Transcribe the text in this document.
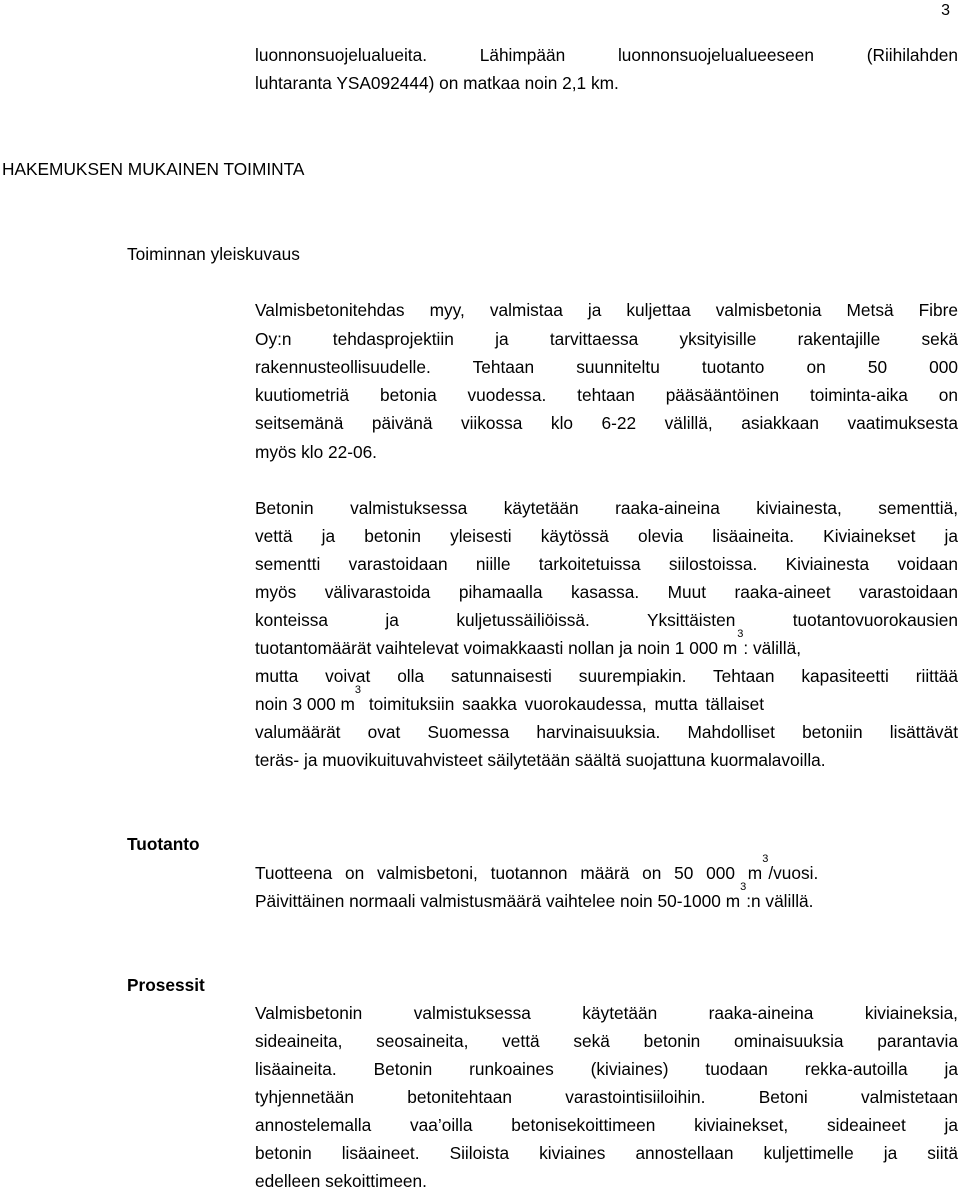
3
luonnonsuojelualueita. Lähimpään luonnonsuojelualueeseen (Riihilahden
luhtaranta YSA092444) on matkaa noin 2,1 km.
HAKEMUKSEN MUKAINEN TOIMINTA
Toiminnan yleiskuvaus
Valmisbetonitehdas myy, valmistaa ja kuljettaa valmisbetonia Metsä Fibre
Oy:n tehdasprojektiin ja tarvittaessa yksityisille rakentajille sekä
rakennusteollisuudelle. Tehtaan suunniteltu tuotanto on 50 000
kuutiometriä betonia vuodessa. tehtaan pääsääntöinen toiminta-aika on
seitsemänä päivänä viikossa klo 6-22 välillä, asiakkaan vaatimuksesta
myös klo 22-06.
Betonin valmistuksessa käytetään raaka-aineina kiviainesta, sementtiä,
vettä ja betonin yleisesti käytössä olevia lisäaineita. Kiviainekset ja
sementti varastoidaan niille tarkoitetuissa siilostoissa. Kiviainesta voidaan
myös välivarastoida pihamaalla kasassa. Muut raaka-aineet varastoidaan
konteissa ja kuljetussäiliöissä. Yksittäisten tuotantovuorokausien
tuotantomäärät vaihtelevat voimakkaasti nollan ja noin 1 000 $m^3$: välillä,
mutta voivat olla satunnaisesti suurempiakin. Tehtaan kapasiteetti riittää
noin 3 000 $m^3$ toimituksiin saakka vuorokaudessa, mutta tällaiset
valumäärät ovat Suomessa harvinaisuuksia. Mahdolliset betoniin lisättävät
teräs- ja muovikuituvahvisteet säilytetään säältä suojattuna kuormalavoilla.
Tuotanto
Tuotteena on valmisbetoni, tuotannon määrä on 50 000 $m^3$/vuosi.
Päivittäinen normaali valmistusmäärä vaihtelee noin 50-1000 $m^3:n$ välillä.
Prosessit
Valmisbetonin valmistuksessa käytetään raaka-aineina kiviaineksia,
sideaineita, seosaineita, vettä sekä betonin ominaisuuksia parantavia
lisäaineita. Betonin runkoaines (kiviaines) tuodaan rekka-autoilla ja
tyhjennetään betonitehtaan varastointisiiloihin. Betoni valmistetaan
annostelemalla vaa’oilla betonisekoittimeen kiviainekset, sideaineet ja
betonin lisäaineet. Siiloista kiviaines annostellaan kuljettimelle ja siitä
edelleen sekoittimeen.
